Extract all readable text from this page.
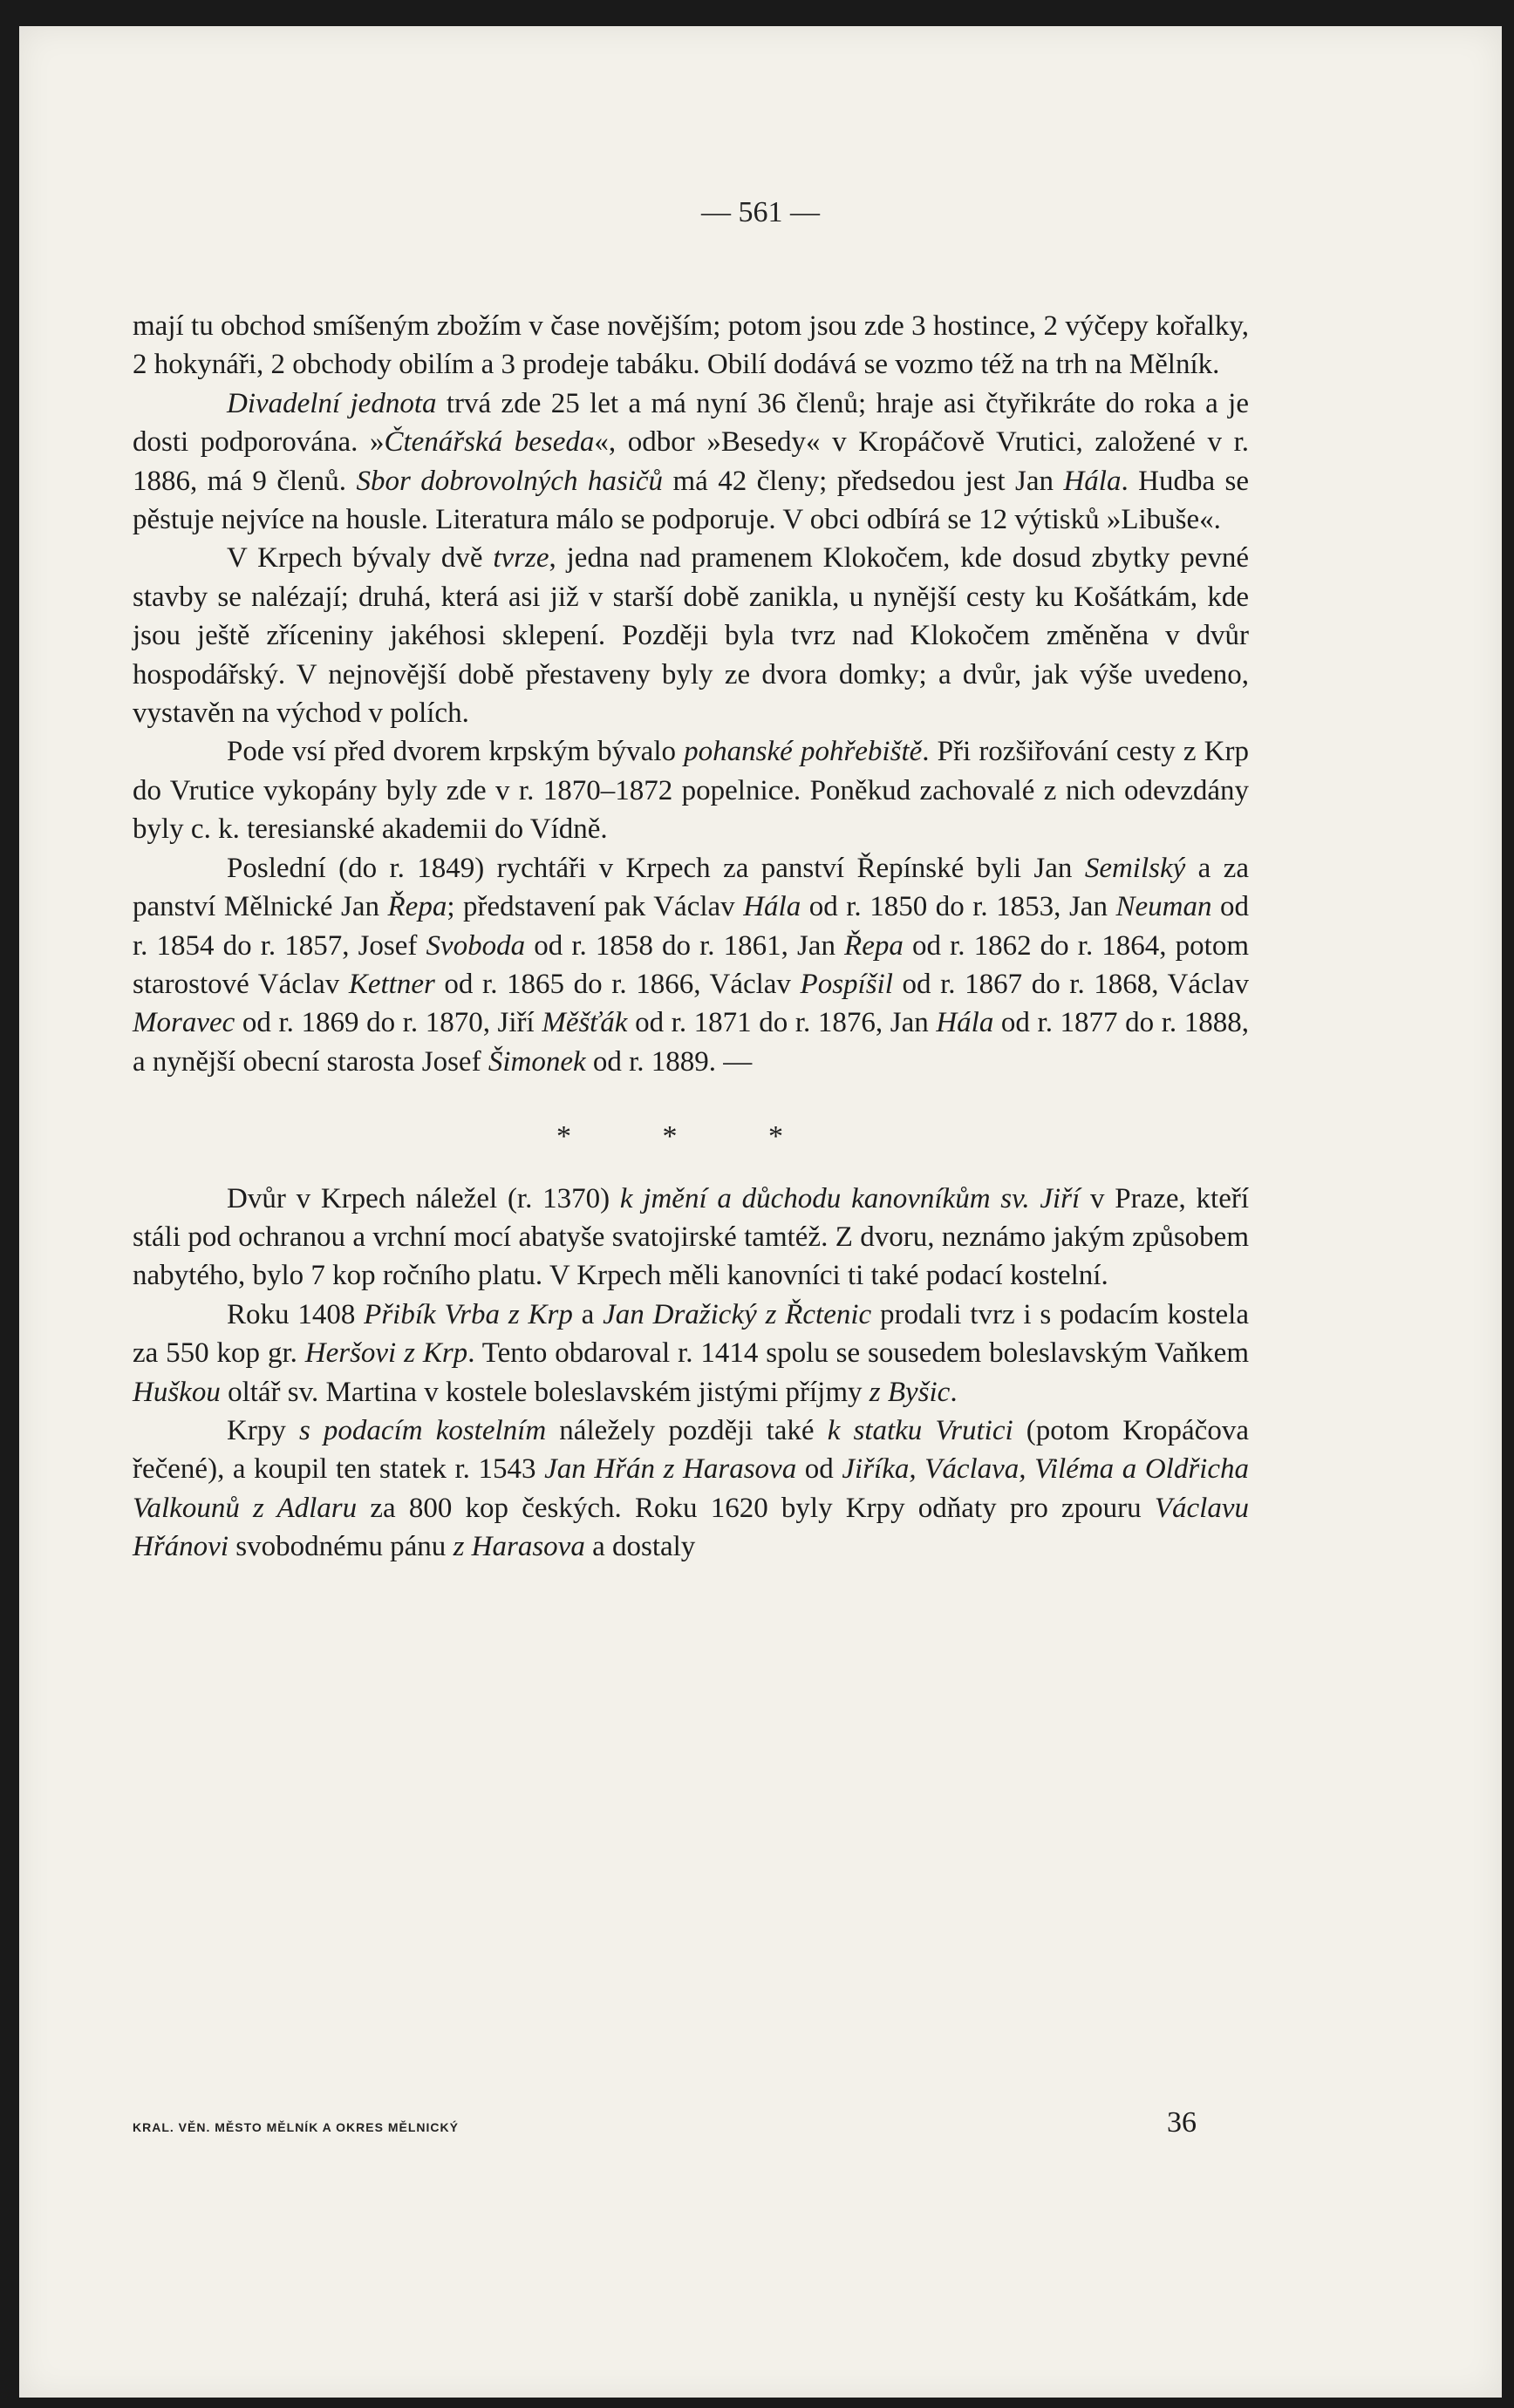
— 561 —

mají tu obchod smíšeným zbožím v čase novějším; potom jsou zde 3 hostince, 2 výčepy kořalky, 2 hokynáři, 2 obchody obilím a 3 prodeje tabáku. Obilí dodává se vozmo též na trh na Mělník.

Divadelní jednota trvá zde 25 let a má nyní 36 členů; hraje asi čtyřikráte do roka a je dosti podporována. »Čtenářská beseda«, odbor »Besedy« v Kropáčově Vrutici, založené v r. 1886, má 9 členů. Sbor dobrovolných hasičů má 42 členy; předsedou jest Jan Hála. Hudba se pěstuje nejvíce na housle. Literatura málo se podporuje. V obci odbírá se 12 výtisků »Libuše«.

V Krpech bývaly dvě tvrze, jedna nad pramenem Klokočem, kde dosud zbytky pevné stavby se nalézají; druhá, která asi již v starší době zanikla, u nynější cesty ku Košátkám, kde jsou ještě zříceniny jakéhosi sklepení. Později byla tvrz nad Klokočem změněna v dvůr hospodářský. V nejnovější době přestaveny byly ze dvora domky; a dvůr, jak výše uvedeno, vystavěn na východ v polích.

Pode vsí před dvorem krpským bývalo pohanské pohřebiště. Při rozšiřování cesty z Krp do Vrutice vykopány byly zde v r. 1870–1872 popelnice. Poněkud zachovalé z nich odevzdány byly c. k. teresianské akademii do Vídně.

Poslední (do r. 1849) rychtáři v Krpech za panství Řepínské byli Jan Semilský a za panství Mělnické Jan Řepa; představení pak Václav Hála od r. 1850 do r. 1853, Jan Neuman od r. 1854 do r. 1857, Josef Svoboda od r. 1858 do r. 1861, Jan Řepa od r. 1862 do r. 1864, potom starostové Václav Kettner od r. 1865 do r. 1866, Václav Pospíšil od r. 1867 do r. 1868, Václav Moravec od r. 1869 do r. 1870, Jiří Měšťák od r. 1871 do r. 1876, Jan Hála od r. 1877 do r. 1888, a nynější obecní starosta Josef Šimonek od r. 1889. —

* * *

Dvůr v Krpech náležel (r. 1370) k jmění a důchodu kanovníkům sv. Jiří v Praze, kteří stáli pod ochranou a vrchní mocí abatyše svatojirské tamtéž. Z dvoru, neznámo jakým způsobem nabytého, bylo 7 kop ročního platu. V Krpech měli kanovníci ti také podací kostelní.

Roku 1408 Přibík Vrba z Krp a Jan Dražický z Řctenic prodali tvrz i s podacím kostela za 550 kop gr. Heršovi z Krp. Tento obdaroval r. 1414 spolu se sousedem boleslavským Vaňkem Huškou oltář sv. Martina v kostele boleslavském jistými příjmy z Byšic.

Krpy s podacím kostelním náležely později také k statku Vrutici (potom Kropáčova řečené), a koupil ten statek r. 1543 Jan Hřán z Harasova od Jiříka, Václava, Viléma a Oldřicha Valkounů z Adlaru za 800 kop českých. Roku 1620 byly Krpy odňaty pro zpouru Václavu Hřánovi svobodnému pánu z Harasova a dostaly

KRAL. VĚN. MĚSTO MĚLNÍK A OKRES MĚLNICKÝ	36
